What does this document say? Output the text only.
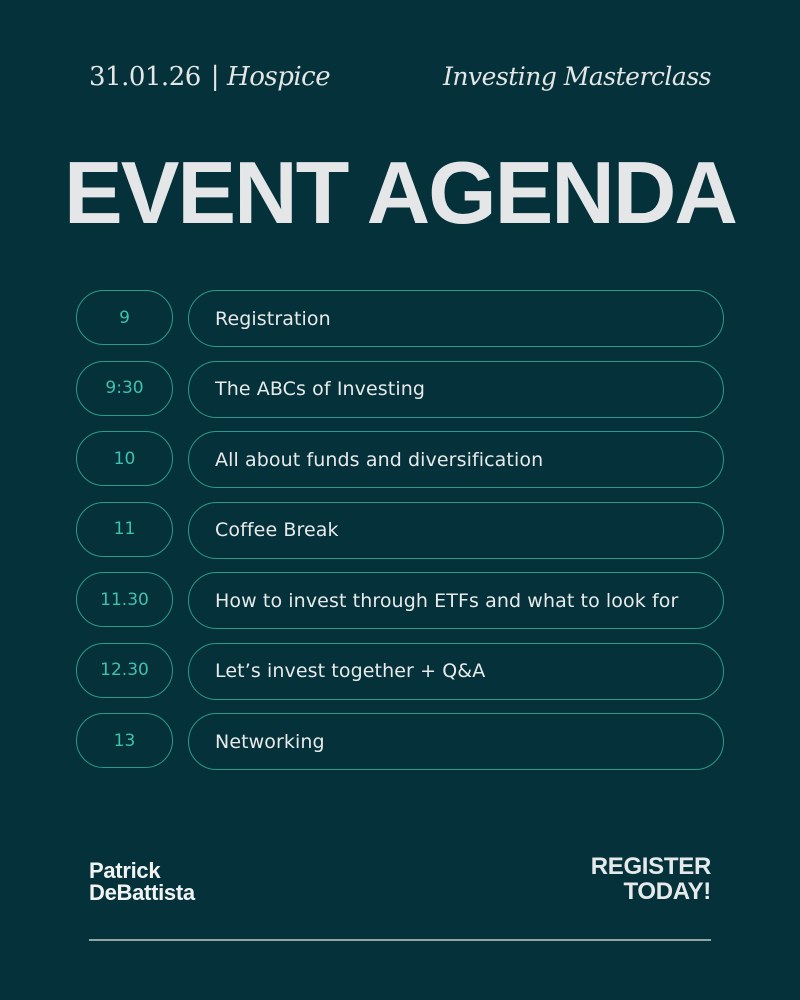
31.01.26 | Hospice	Investing Masterclass
EVENT AGENDA
9	Registration
9:30	The ABCs of Investing
10	All about funds and diversification
11	Coffee Break
11.30	How to invest through ETFs and what to look for
12.30	Let’s invest together + Q&A
13	Networking
Patrick
DeBattista
REGISTER
TODAY!
